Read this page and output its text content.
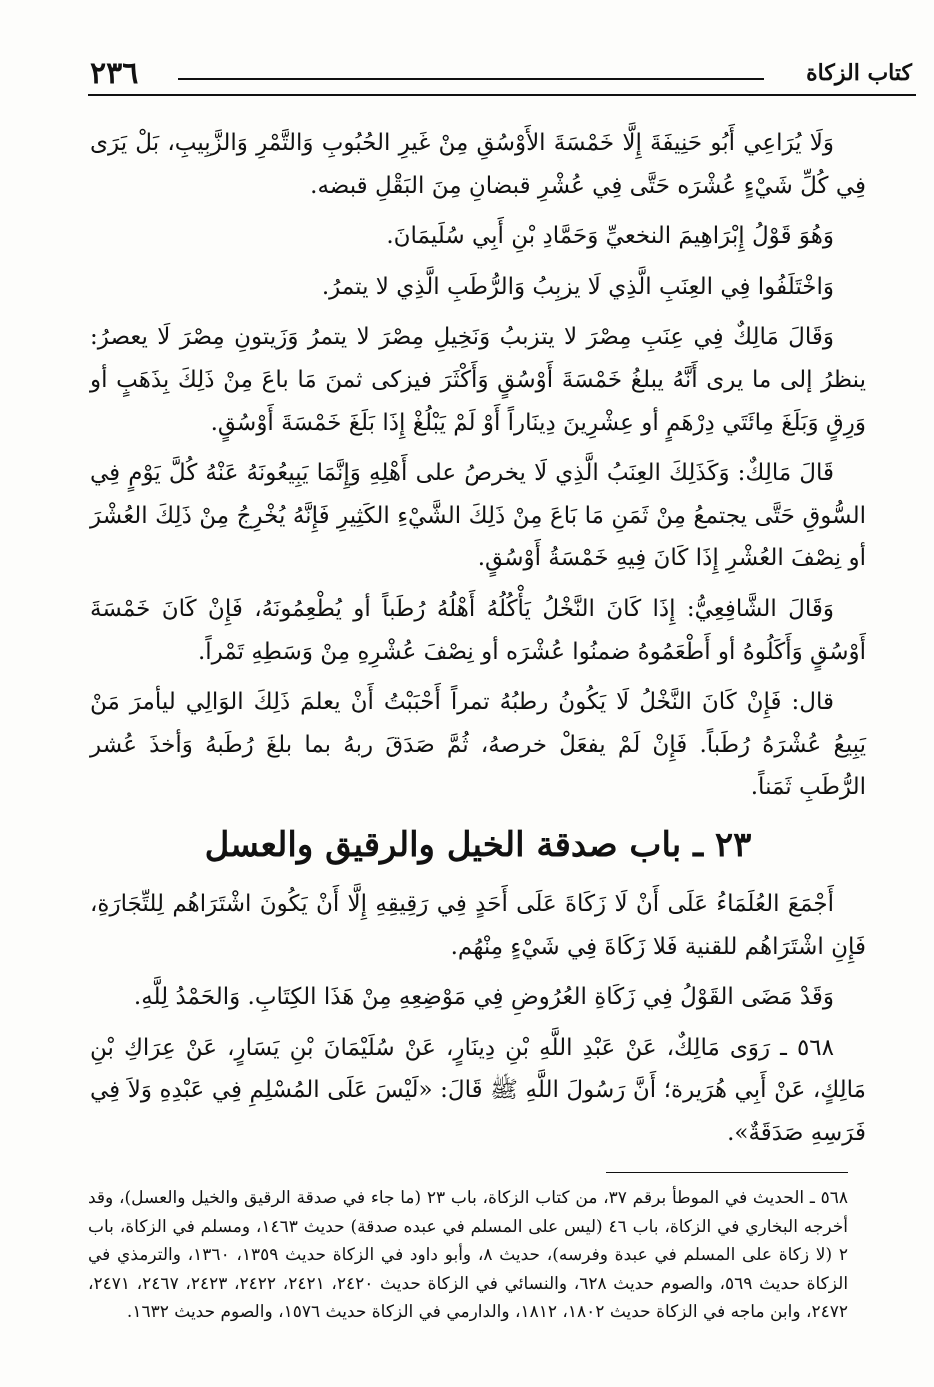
كتاب الزكاة
٢٣٦

وَلَا يُرَاعِي أَبُو حَنِيفَةَ إِلَّا خَمْسَةَ الأَوْسُقِ مِنْ غَيرِ الحُبُوبِ وَالتَّمْرِ وَالزَّبِيبِ، بَلْ يَرَى فِي كُلِّ شَيْءٍ عُشْرَه حَتَّى فِي عُشْرِ قبضانِ مِنَ البَقْلِ قبضه.

وَهُوَ قَوْلُ إِبْرَاهِيمَ النخعيِّ وَحَمَّادِ بْنِ أَبِي سُلَيمَانَ.

وَاخْتَلَفُوا فِي العِنَبِ الَّذِي لَا يزبِبُ وَالرُّطَبِ الَّذِي لا يتمرُ.

وَقَالَ مَالِكٌ فِي عِنَبِ مِصْرَ لا يتزببُ وَنَخِيلِ مِصْرَ لا يتمرُ وَزَيتونِ مِصْرَ لَا يعصرُ: ينظرُ إلى ما يرى أَنَّهُ يبلغُ خَمْسَةَ أَوْسُقٍ وَأَكْثَرَ فيزكى ثمنَ مَا باعَ مِنْ ذَلِكَ بِذَهَبٍ أو وَرِقٍ وَبَلَغَ مِائَتَي دِرْهَمٍ أو عِشْرِينَ دِينَاراً أَوْ لَمْ يَبْلُغْ إِذَا بَلَغَ خَمْسَةَ أَوْسُقٍ.

قَالَ مَالِكٌ: وَكَذَلِكَ العِنَبُ الَّذِي لَا يخرصُ على أَهْلِهِ وَإِنَّمَا يَبِيعُونَهُ عَنْهُ كُلَّ يَوْمٍ فِي السُّوقِ حَتَّى يجتمعُ مِنْ ثَمَنِ مَا بَاعَ مِنْ ذَلِكَ الشَّيْءِ الكَثِيرِ فَإِنَّهُ يُخْرِجُ مِنْ ذَلِكَ العُشْرَ أو نِصْفَ العُشْرِ إِذَا كَانَ فِيهِ خَمْسَةُ أَوْسُقٍ.

وَقَالَ الشَّافِعِيُّ: إِذَا كَانَ النَّخْلُ يَأْكُلُهُ أَهْلُهُ رُطَباً أو يُطْعِمُونَهُ، فَإِنْ كَانَ خَمْسَةَ أَوْسُقٍ وَأَكَلُوهُ أو أَطْعَمُوهُ ضمنُوا عُشْرَه أو نِصْفَ عُشْرِهِ مِنْ وَسَطِهِ تَمْراً.

قال: فَإِنْ كَانَ النَّخْلُ لَا يَكُونُ رطبُهُ تمراً أَحْبَبْتُ أَنْ يعلمَ ذَلِكَ الوَالِي ليأمرَ مَنْ يَبِيعُ عُشْرَهُ رُطَباً. فَإِنْ لَمْ يفعَلْ خرصهُ، ثُمَّ صَدَقَ ربهُ بما بلغَ رُطَبهُ وَأخذَ عُشر الرُّطَبِ ثَمَناً.

٢٣ ـ باب صدقة الخيل والرقيق والعسل

أَجْمَعَ العُلَمَاءُ عَلَى أَنْ لَا زَكَاةَ عَلَى أَحَدٍ فِي رَقِيقِهِ إِلَّا أَنْ يَكُونَ اشْتَرَاهُم لِلتِّجَارَةِ، فَإِنِ اشْتَرَاهُم للقنية فَلا زَكَاةَ فِي شَيْءٍ مِنْهُم.

وَقَدْ مَضَى القَوْلُ فِي زَكَاةِ العُرُوضِ فِي مَوْضِعِهِ مِنْ هَذَا الكِتَابِ. وَالحَمْدُ لِلَّهِ.

٥٦٨ ـ رَوَى مَالِكٌ، عَنْ عَبْدِ اللَّهِ بْنِ دِينَارٍ، عَنْ سُلَيْمَانَ بْنِ يَسَارٍ، عَنْ عِرَاكِ بْنِ مَالِكٍ، عَنْ أَبِي هُرَيرة؛ أَنَّ رَسُولَ اللَّهِ ﷺ قَالَ: «لَيْسَ عَلَى المُسْلِمِ فِي عَبْدِهِ وَلاَ فِي فَرَسِهِ صَدَقَةٌ».

٥٦٨ ـ الحديث في الموطأ برقم ٣٧، من كتاب الزكاة، باب ٢٣ (ما جاء في صدقة الرقيق والخيل والعسل)، وقد أخرجه البخاري في الزكاة، باب ٤٦ (ليس على المسلم في عبده صدقة) حديث ١٤٦٣، ومسلم في الزكاة، باب ٢ (لا زكاة على المسلم في عبدة وفرسه)، حديث ٨، وأبو داود في الزكاة حديث ١٣٥٩، ١٣٦٠، والترمذي في الزكاة حديث ٥٦٩، والصوم حديث ٦٢٨، والنسائي في الزكاة حديث ٢٤٢٠، ٢٤٢١، ٢٤٢٢، ٢٤٢٣، ٢٤٦٧، ٢٤٧١، ٢٤٧٢، وابن ماجه في الزكاة حديث ١٨٠٢، ١٨١٢، والدارمي في الزكاة حديث ١٥٧٦، والصوم حديث ١٦٣٢.
